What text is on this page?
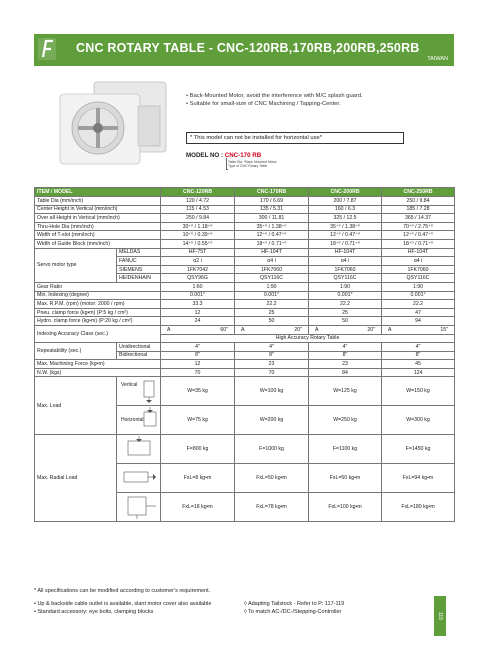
CNC ROTARY TABLE - CNC-120RB,170RB,200RB,250RB
TAIWAN
• Back-Mounted Motor, avoid the interference with M/C splash guard.
• Suitable for small-size of CNC Machining / Tapping-Center.
* This model can not be installed for horizontal use*
MODEL NO : CNC-170 RB
Table Dia. *Back Mounted Motor
Type of CNC Rotary Table
ITEM / MODEL		CNC-120RB	CNC-170RB	CNC-200RB	CNC-250RB
Table Dia (mm/inch)		120 / 4.72	170 / 6.69	200 / 7.87	250 / 9.84
Center Height in Vertical (mm/inch)		115 / 4.53	135 / 5.31	160 / 6.3	185 / 7.28
Over all Height in Vertical (mm/inch)		250 / 9.84	300 / 11.81	325 / 12.5	365 / 14.37
Thru-Hole Dia (mm/inch)		30⁺⁰ / 1.18⁺⁰	35⁺⁰ / 1.38⁺⁰	35⁺⁰ / 1.38⁺⁰	70⁺⁰ / 2.75⁺⁰
Width of T-slot (mm/inch)		10⁺⁰ / 0.39⁺⁰	12⁺⁰ / 0.47⁺⁰	12⁺⁰ / 0.47⁺⁰	12⁺⁰ / 0.47⁺⁰
Width of Guide Block (mm/inch)		14⁺⁰ / 0.55⁺⁰	18⁺⁰ / 0.71⁺⁰	18⁺⁰ / 0.71⁺⁰	18⁺⁰ / 0.71⁺⁰
Servo motor type	MELDAS	HF-75T	HF-104T	HF-104T	HF-104T
	FANUC	α2 i	α4 i	α4 i	α4 i
	SIEMENS	1FK7042	1FK7060	1FK7060	1FK7060
	HEIDENHAIN	QSY96G	QSY116C	QSY116C	QSY116C
Gear Ratio		1:60	1:90	1:90	1:90
Min. Indexing (degree)		0.001°	0.001°	0.001°	0.001°
Max. R.P.M. (rpm) (motor: 2000 / rpm)		33.3	22.2	22.2	22.2
Pneu. clamp force (kg•m) (P:5 kg / cm²)		12	25	25	47
Hydro. clamp force (kg•m) (P:20 kg / cm²)		24	50	50	94
Indexing Accuracy Class (sec.)		A 60"	A 20"	A 20"	A 15"

		High Accuracy Rotary Table			
Repeatability (sec.)	Unidirectional	4"	4"	4"	4"
	Bidirectional	8"	8"	8"	8"
Max. Machining Force (kg•m)		12	23	23	45
N.W. (kgs)		70	70	84	124
Max. Load	Vertical	W=35 kg	W=100 kg	W=125 kg	W=150 kg

Horizontal	W=75 kg	W=200 kg	W=250 kg	W=300 kg
Max. Radial Load		F=800 kg	F=1000 kg	F=1100 kg	F=1450 kg
	FxL=8 kg•m	FxL=50 kg•m	FxL=50 kg•m	FxL=94 kg•m
	FxL=18 kg•m	FxL=78 kg•m	FxL=100 kg•m	FxL=180 kg•m
* All specifications can be modified according to customer's requirement.
• Up & backside cable outlet is available, slant motor cover also available
• Standard accessory: eye bolts, clamping blocks
◊ Adapting Tailstock - Refer to P: 117-119
◊ To match AC-/DC-/Stepping-Controller
115
